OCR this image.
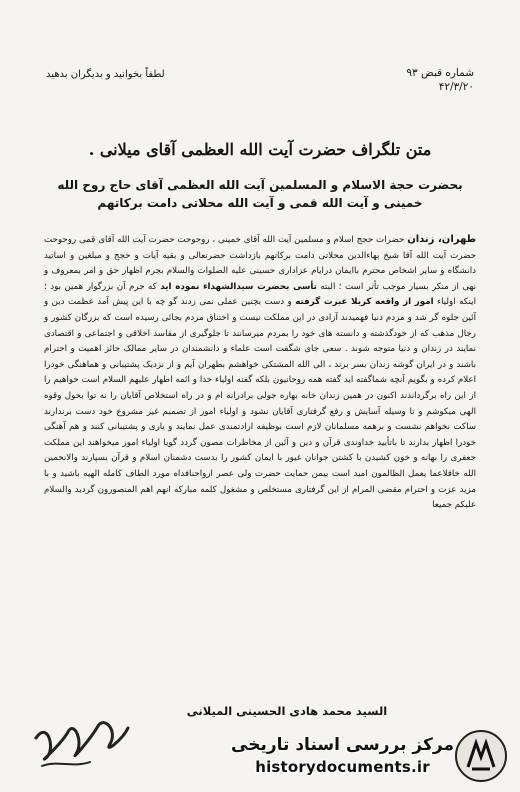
شماره قبض ۹۳
۴۲/۳/۲۰
لطفاً بخوانید و بدیگران بدهید
متن تلگراف حضرت آیت الله العظمی آقای میلانی .
بحضرت حجة الاسلام و المسلمین آیت الله العظمی آقای حاج روح الله خمینی و آیت الله قمی و آیت الله محلاتی دامت برکاتهم
طهران، زندان حضرات حجج اسلام و مسلمین آیت الله آقای خمینی ، روحوحت حضرت آیت الله آقای قمی روحوحت حضرت آیت الله آقا شیخ بهاءالدین محلاتی دامت برکاتهم بازداشت حضرتعالی و بقیه آیات و حجج و مبلغین و اساتید دانشگاه و سایر اشخاص محترم باایمان درایام عزاداری حسینی علیه الصلوات والسلام بجرم اظهار حق و امر بمعروف و نهی از منکر بسیار موجب تأثر است ؛ البته تأسی بحضرت سیدالشهداء نموده اید که جرم آن بزرگوار همین بود ؛ اینکه اولیاء امور از واقعه کربلا عبرت گرفته و دست بچنین عملی نمی زدند گو چه با این پیش آمد عظمت دین و آئین جلوه گر شد و مردم دنیا فهمیدند آزادی در این مملکت نیست و اختناق مردم بجائی رسیده است که بزرگان کشور و رجال مذهب که از خودگذشته و دانسته های خود را بمردم میرسانند تا جلوگیری از مفاسد اخلاقی و اجتماعی و اقتصادی نمایند در زندان و دنیا متوجه شوند . سعی جای شگفت است علماء و دانشمندان در سایر ممالک حائز اهمیت و احترام باشند و در ایران گوشه زندان بسر برند ، الی الله المشتکی خواهشم بطهران آیم و از نزدیک پشتیبانی و هماهنگی خودرا اعلام کرده و بگویم آنچه شماگفته اید گفته همه روحانیون بلکه گفته اولیاء خدا و ائمه اطهار علیهم السلام است خواهیم را از این راه برگرداندند اکنون در همین زندان خانه بهاره جولی برادرانه ام و در راه استخلاص آقایان را نه توا بحول وقوه الهی میکوشم و تا وسیله آسایش و رفع گرفتاری آقایان نشود و اولیاء امور از تصمیم غیر مشروع خود دست برندارند ساکت نخواهم نشست و برهمه مسلمانان لازم است بوظیفه ارادتمندی عمل نمایند و یاری و پشتیبانی کنند و هم آهنگی خودرا اظهار بدارند تا باتأیید خداوندی قرآن و دین و آئین از مخاطرات مصون گردد گویا اولیاء امور میخواهند این مملکت جعفری را بهانه و خون کشیدن با کشتن جوانان غیور با ایمان کشور را بدست دشمنان اسلام و قرآن بسپارند والانحمین الله خافلاعما یعمل الظالمون امید است بیمن حمایت حضرت ولی عصر ارواحنافداه مورد الطاف کامله الهیه باشید و با مزید عزت و احترام مقضی المرام از این گرفتاری مستخلص و مشغول کلمه مبارکه انهم اهم المنصورون گردید والسلام علیکم جمیعا
السید محمد هادی الحسینی المیلانی
مرکز بررسی اسناد تاریخی
historydocuments.ir
